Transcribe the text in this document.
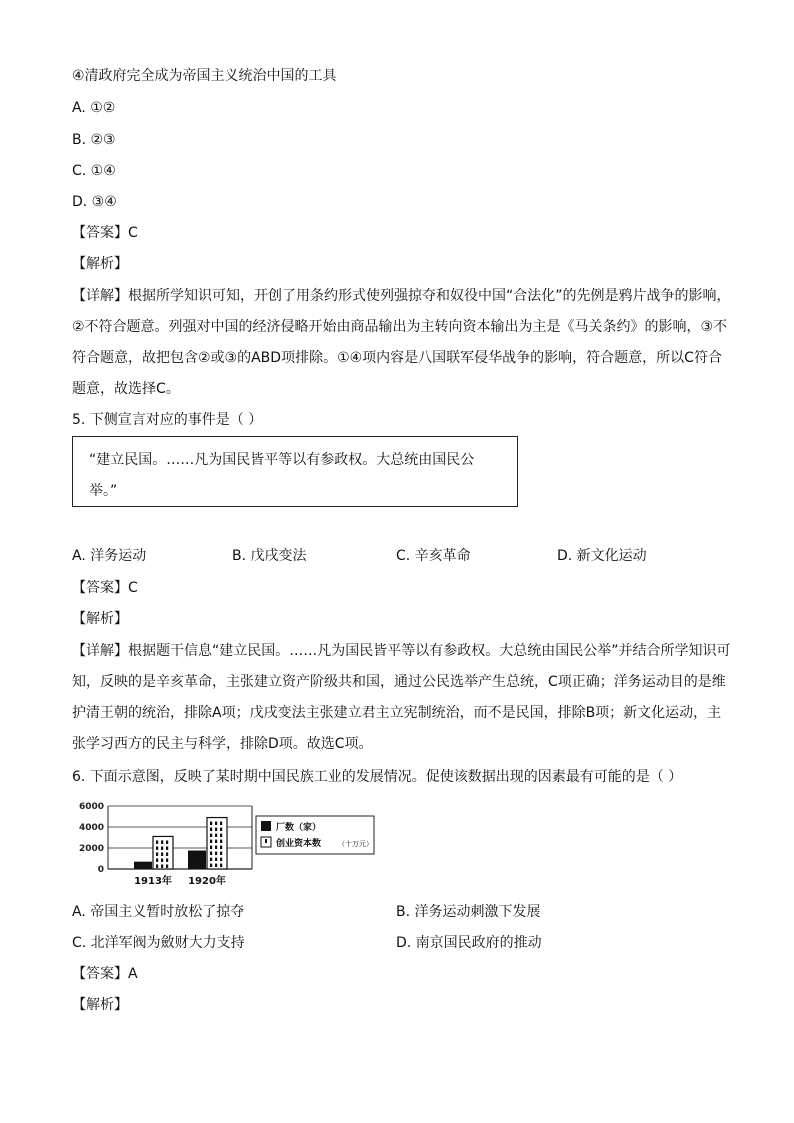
④清政府完全成为帝国主义统治中国的工具
A. ①②
B. ②③
C. ①④
D. ③④
【答案】C
【解析】
【详解】根据所学知识可知，开创了用条约形式使列强掠夺和奴役中国“合法化”的先例是鸦片战争的影响，②不符合题意。列强对中国的经济侵略开始由商品输出为主转向资本输出为主是《马关条约》的影响，③不符合题意，故把包含②或③的ABD项排除。①④项内容是八国联军侵华战争的影响，符合题意，所以C符合题意，故选择C。
5. 下侧宣言对应的事件是（ ）
“建立民国。……凡为国民皆平等以有参政权。大总统由国民公举。”
A. 洋务运动	B. 戊戌变法	C. 辛亥革命	D. 新文化运动
【答案】C
【解析】
【详解】根据题干信息“建立民国。……凡为国民皆平等以有参政权。大总统由国民公举”并结合所学知识可知，反映的是辛亥革命，主张建立资产阶级共和国，通过公民选举产生总统，C项正确；洋务运动目的是维护清王朝的统治，排除A项；戊戌变法主张建立君主立宪制统治，而不是民国，排除B项；新文化运动，主张学习西方的民主与科学，排除D项。故选C项。
6. 下面示意图，反映了某时期中国民族工业的发展情况。促使该数据出现的因素最有可能的是（ ）
6000
4000
2000
0
1913年 1920年
厂数（家）
创业资本数 （十万元）
A. 帝国主义暂时放松了掠夺	B. 洋务运动刺激下发展
C. 北洋军阀为斂财大力支持	D. 南京国民政府的推动
【答案】A
【解析】
